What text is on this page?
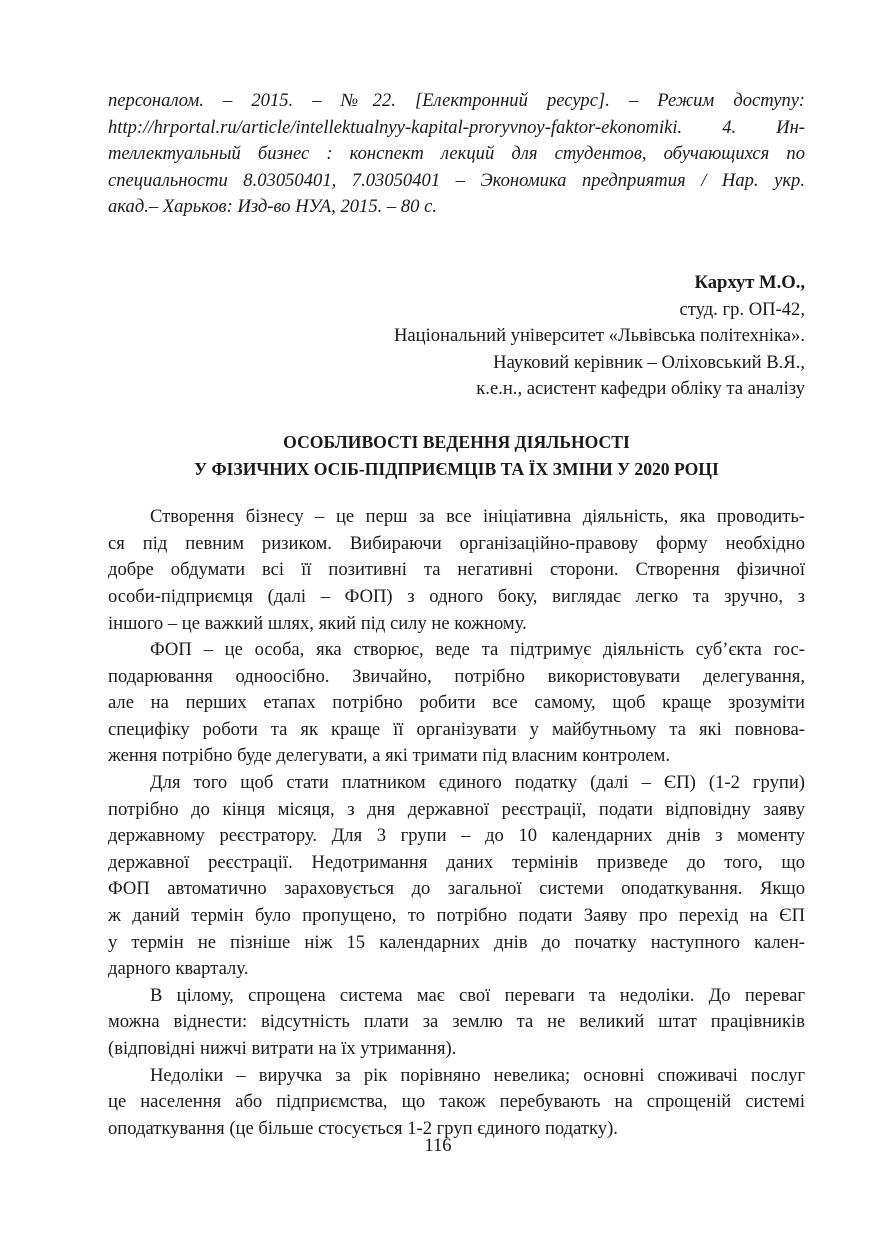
персоналом. – 2015. – №22. [Електронний ресурс]. – Режим доступу:
http://hrportal.ru/article/intellektualnyy-kapital-proryvnoy-faktor-ekonomiki. 4. Ин-
теллектуальный бизнес : конспект лекций для студентов, обучающихся по
специальности 8.03050401, 7.03050401 – Экономика предприятия / Нар. укр.
акад.– Харьков: Изд-во НУА, 2015. – 80 с.
Кархут М.О.,
студ. гр. ОП-42,
Національний університет «Львівська політехніка».
Науковий керівник – Оліховський В.Я.,
к.е.н., асистент кафедри обліку та аналізу
ОСОБЛИВОСТІ ВЕДЕННЯ ДІЯЛЬНОСТІ
У ФІЗИЧНИХ ОСІБ-ПІДПРИЄМЦІВ ТА ЇХ ЗМІНИ У 2020 РОЦІ
Створення бізнесу – це перш за все ініціативна діяльність, яка проводить-
ся під певним ризиком. Вибираючи організаційно-правову форму необхідно
добре обдумати всі її позитивні та негативні сторони. Створення фізичної
особи-підприємця (далі – ФОП) з одного боку, виглядає легко та зручно, з
іншого – це важкий шлях, який під силу не кожному.
ФОП – це особа, яка створює, веде та підтримує діяльність суб’єкта гос-
подарювання одноосібно. Звичайно, потрібно використовувати делегування,
але на перших етапах потрібно робити все самому, щоб краще зрозуміти
специфіку роботи та як краще її організувати у майбутньому та які повнова-
ження потрібно буде делегувати, а які тримати під власним контролем.
Для того щоб стати платником єдиного податку (далі – ЄП) (1-2 групи)
потрібно до кінця місяця, з дня державної реєстрації, подати відповідну заяву
державному реєстратору. Для 3 групи – до 10 календарних днів з моменту
державної реєстрації. Недотримання даних термінів призведе до того, що
ФОП автоматично зараховується до загальної системи оподаткування. Якщо
ж даний термін було пропущено, то потрібно подати Заяву про перехід на ЄП
у термін не пізніше ніж 15 календарних днів до початку наступного кален-
дарного кварталу.
В цілому, спрощена система має свої переваги та недоліки. До переваг
можна віднести: відсутність плати за землю та не великий штат працівників
(відповідні нижчі витрати на їх утримання).
Недоліки – виручка за рік порівняно невелика; основні споживачі послуг
це населення або підприємства, що також перебувають на спрощеній системі
оподаткування (це більше стосується 1-2 груп єдиного податку).
116
